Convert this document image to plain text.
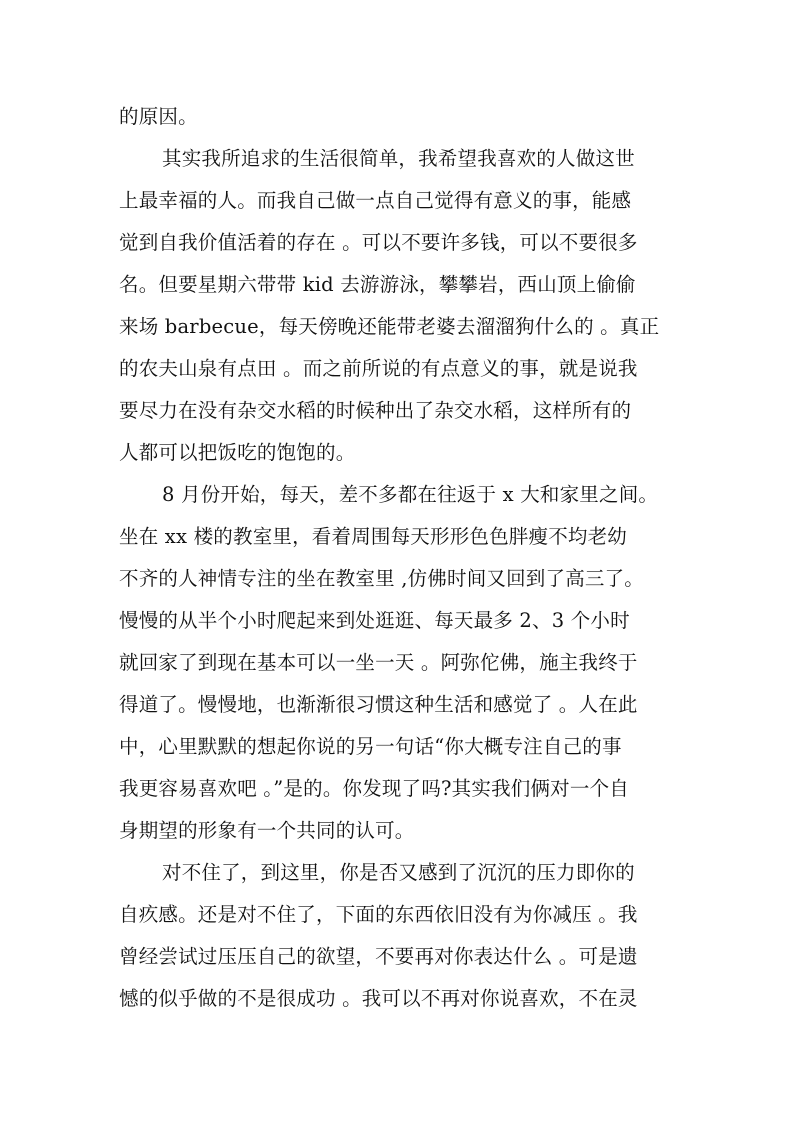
的原因。
其实我所追求的生活很简单，我希望我喜欢的人做这世
上最幸福的人。而我自己做一点自己觉得有意义的事，能感
觉到自我价值活着的存在 。可以不要许多钱，可以不要很多
名。但要星期六带带 kid 去游游泳，攀攀岩，西山顶上偷偷
来场 barbecue，每天傍晚还能带老婆去溜溜狗什么的 。真正
的农夫山泉有点田 。而之前所说的有点意义的事，就是说我
要尽力在没有杂交水稻的时候种出了杂交水稻，这样所有的
人都可以把饭吃的饱饱的。
8 月份开始，每天，差不多都在往返于 x 大和家里之间。
坐在 xx 楼的教室里，看着周围每天形形色色胖瘦不均老幼
不齐的人神情专注的坐在教室里 ,仿佛时间又回到了高三了。
慢慢的从半个小时爬起来到处逛逛、每天最多 2、3 个小时
就回家了到现在基本可以一坐一天 。阿弥佗佛，施主我终于
得道了。慢慢地，也渐渐很习惯这种生活和感觉了 。人在此
中，心里默默的想起你说的另一句话“你大概专注自己的事
我更容易喜欢吧 。”是的。你发现了吗?其实我们俩对一个自
身期望的形象有一个共同的认可。
对不住了，到这里，你是否又感到了沉沉的压力即你的
自疚感。还是对不住了，下面的东西依旧没有为你减压 。我
曾经尝试过压压自己的欲望，不要再对你表达什么 。可是遗
憾的似乎做的不是很成功 。我可以不再对你说喜欢，不在灵
